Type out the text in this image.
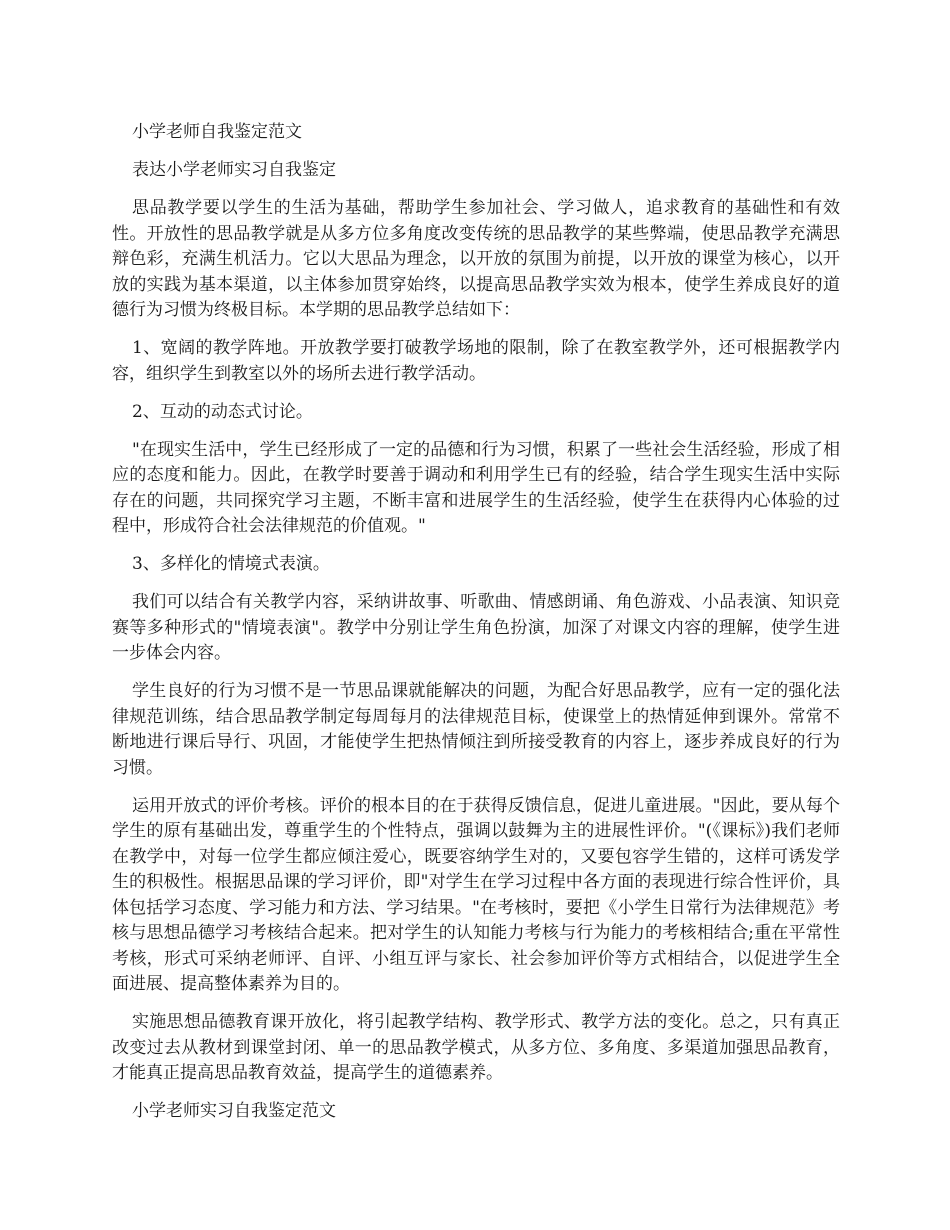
小学老师自我鉴定范文

表达小学老师实习自我鉴定

思品教学要以学生的生活为基础，帮助学生参加社会、学习做人，追求教育的基础性和有效性。开放性的思品教学就是从多方位多角度改变传统的思品教学的某些弊端，使思品教学充满思辩色彩，充满生机活力。它以大思品为理念，以开放的氛围为前提，以开放的课堂为核心，以开放的实践为基本渠道，以主体参加贯穿始终，以提高思品教学实效为根本，使学生养成良好的道德行为习惯为终极目标。本学期的思品教学总结如下：

1、宽阔的教学阵地。开放教学要打破教学场地的限制，除了在教室教学外，还可根据教学内容，组织学生到教室以外的场所去进行教学活动。

2、互动的动态式讨论。

"在现实生活中，学生已经形成了一定的品德和行为习惯，积累了一些社会生活经验，形成了相应的态度和能力。因此，在教学时要善于调动和利用学生已有的经验，结合学生现实生活中实际存在的问题，共同探究学习主题，不断丰富和进展学生的生活经验，使学生在获得内心体验的过程中，形成符合社会法律规范的价值观。"

3、多样化的情境式表演。

我们可以结合有关教学内容，采纳讲故事、听歌曲、情感朗诵、角色游戏、小品表演、知识竞赛等多种形式的"情境表演"。教学中分别让学生角色扮演，加深了对课文内容的理解，使学生进一步体会内容。

学生良好的行为习惯不是一节思品课就能解决的问题，为配合好思品教学，应有一定的强化法律规范训练，结合思品教学制定每周每月的法律规范目标，使课堂上的热情延伸到课外。常常不断地进行课后导行、巩固，才能使学生把热情倾注到所接受教育的内容上，逐步养成良好的行为习惯。

运用开放式的评价考核。评价的根本目的在于获得反馈信息，促进儿童进展。"因此，要从每个学生的原有基础出发，尊重学生的个性特点，强调以鼓舞为主的进展性评价。"(《课标》)我们老师在教学中，对每一位学生都应倾注爱心，既要容纳学生对的，又要包容学生错的，这样可诱发学生的积极性。根据思品课的学习评价，即"对学生在学习过程中各方面的表现进行综合性评价，具体包括学习态度、学习能力和方法、学习结果。"在考核时，要把《小学生日常行为法律规范》考核与思想品德学习考核结合起来。把对学生的认知能力考核与行为能力的考核相结合;重在平常性考核，形式可采纳老师评、自评、小组互评与家长、社会参加评价等方式相结合，以促进学生全面进展、提高整体素养为目的。

实施思想品德教育课开放化，将引起教学结构、教学形式、教学方法的变化。总之，只有真正改变过去从教材到课堂封闭、单一的思品教学模式，从多方位、多角度、多渠道加强思品教育，才能真正提高思品教育效益，提高学生的道德素养。

小学老师实习自我鉴定范文
